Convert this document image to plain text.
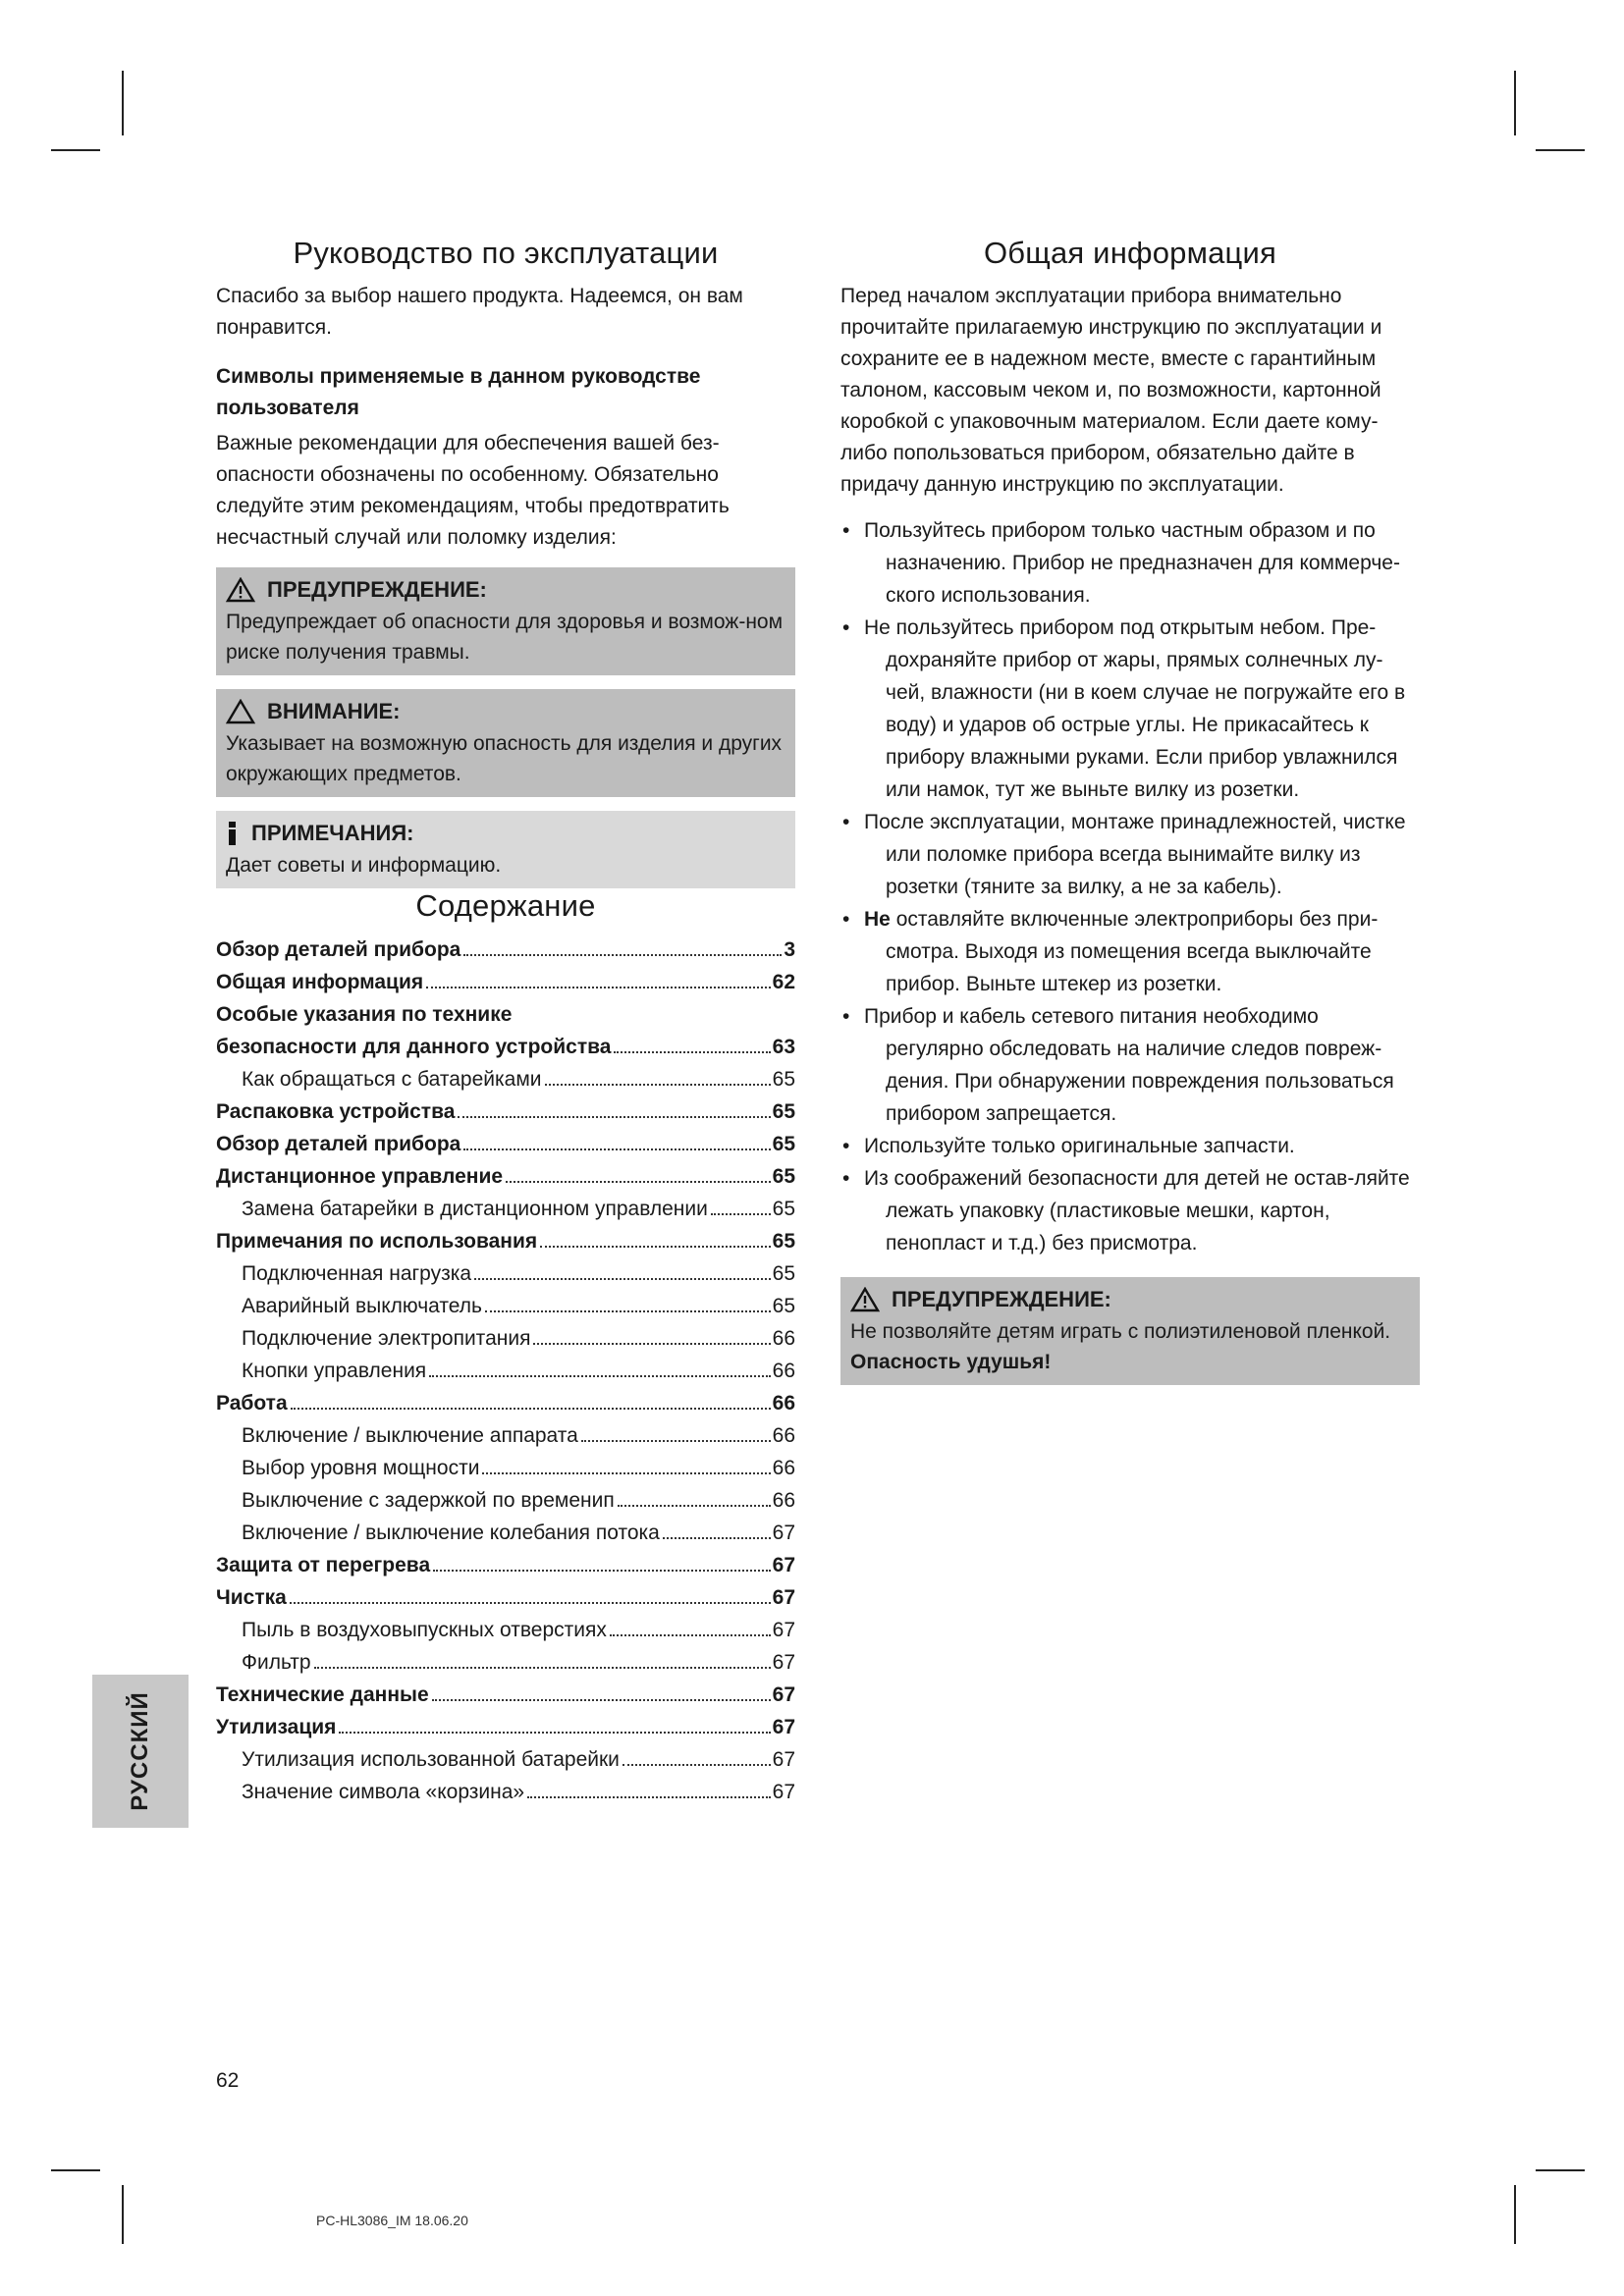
Руководство по эксплуатации

Спасибо за выбор нашего продукта. Надеемся, он вам понравится.

Символы применяемые в данном руководстве пользователя

Важные рекомендации для обеспечения вашей без-опасности обозначены по особенному. Обязательно следуйте этим рекомендациям, чтобы предотвратить несчастный случай или поломку изделия:

ПРЕДУПРЕЖДЕНИЕ:

Предупреждает об опасности для здоровья и возмож-ном риске получения травмы.

ВНИМАНИЕ:

Указывает на возможную опасность для изделия и других окружающих предметов.

ПРИМЕЧАНИЯ:

Дает советы и информацию.

Содержание
Обзор деталей прибора	3
Общая информация	62
Особые указания по технике
безопасности для данного устройства	63
Как обращаться с батарейками	65
Распаковка устройства	65
Обзор деталей прибора	65
Дистанционное управление	65
Замена батарейки в дистанционном управлении	65
Примечания по использования	65
Подключенная нагрузка	65
Аварийный выключатель	65
Подключение электропитания	66
Кнопки управления	66
Работа	66
Включение / выключение аппарата	66
Выбор уровня мощности	66
Выключение с задержкой по временип	66
Включение / выключение колебания потока	67
Защита от перегрева	67
Чистка	67
Пыль в воздуховыпускных отверстиях	67
Фильтр	67
Технические данные	67
Утилизация	67
Утилизация использованной батарейки	67
Значение символа «корзина»	67
Общая информация

Перед началом эксплуатации прибора внимательно прочитайте прилагаемую инструкцию по эксплуатации и сохраните ее в надежном месте, вместе с гарантийным талоном, кассовым чеком и, по возможности, картонной коробкой с упаковочным материалом. Если даете кому-либо попользоваться прибором, обязательно дайте в придачу данную инструкцию по эксплуатации.

• Пользуйтесь прибором только частным образом и по назначению. Прибор не предназначен для коммерче-ского использования.
• Не пользуйтесь прибором под открытым небом. Пре-дохраняйте прибор от жары, прямых солнечных лу-чей, влажности (ни в коем случае не погружайте его в воду) и ударов об острые углы. Не прикасайтесь к прибору влажными руками. Если прибор увлажнился или намок, тут же выньте вилку из розетки.
• После эксплуатации, монтаже принадлежностей, чистке или поломке прибора всегда вынимайте вилку из розетки (тяните за вилку, а не за кабель).
• Не оставляйте включенные электроприборы без при-смотра. Выходя из помещения всегда выключайте прибор. Выньте штекер из розетки.
• Прибор и кабель сетевого питания необходимо регулярно обследовать на наличие следов повреж-дения. При обнаружении повреждения пользоваться прибором запрещается.
• Используйте только оригинальные запчасти.
• Из соображений безопасности для детей не остав-ляйте лежать упаковку (пластиковые мешки, картон, пенопласт и т.д.) без присмотра.
ПРЕДУПРЕЖДЕНИЕ:

Не позволяйте детям играть с полиэтиленовой пленкой. Опасность удушья!

РУССКИЙ
62
PC-HL3086_IM 18.06.20
